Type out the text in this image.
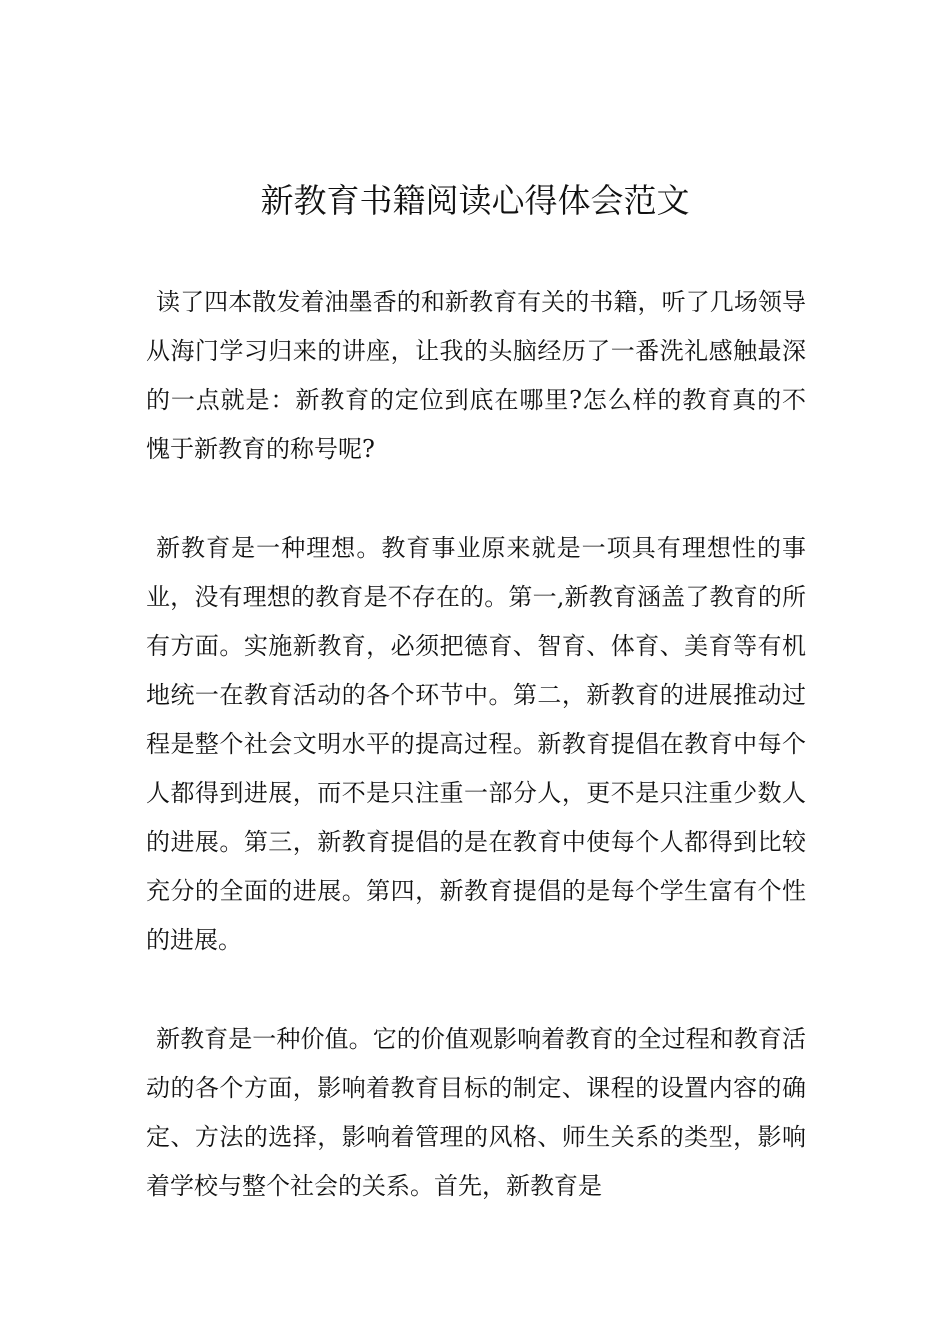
新教育书籍阅读心得体会范文

读了四本散发着油墨香的和新教育有关的书籍，听了几场领导从海门学习归来的讲座，让我的头脑经历了一番洗礼感触最深的一点就是：新教育的定位到底在哪里?怎么样的教育真的不愧于新教育的称号呢?

新教育是一种理想。教育事业原来就是一项具有理想性的事业，没有理想的教育是不存在的。第一,新教育涵盖了教育的所有方面。实施新教育，必须把德育、智育、体育、美育等有机地统一在教育活动的各个环节中。第二，新教育的进展推动过程是整个社会文明水平的提高过程。新教育提倡在教育中每个人都得到进展，而不是只注重一部分人，更不是只注重少数人的进展。第三，新教育提倡的是在教育中使每个人都得到比较充分的全面的进展。第四，新教育提倡的是每个学生富有个性的进展。

新教育是一种价值。它的价值观影响着教育的全过程和教育活动的各个方面，影响着教育目标的制定、课程的设置内容的确定、方法的选择，影响着管理的风格、师生关系的类型，影响着学校与整个社会的关系。首先，新教育是
